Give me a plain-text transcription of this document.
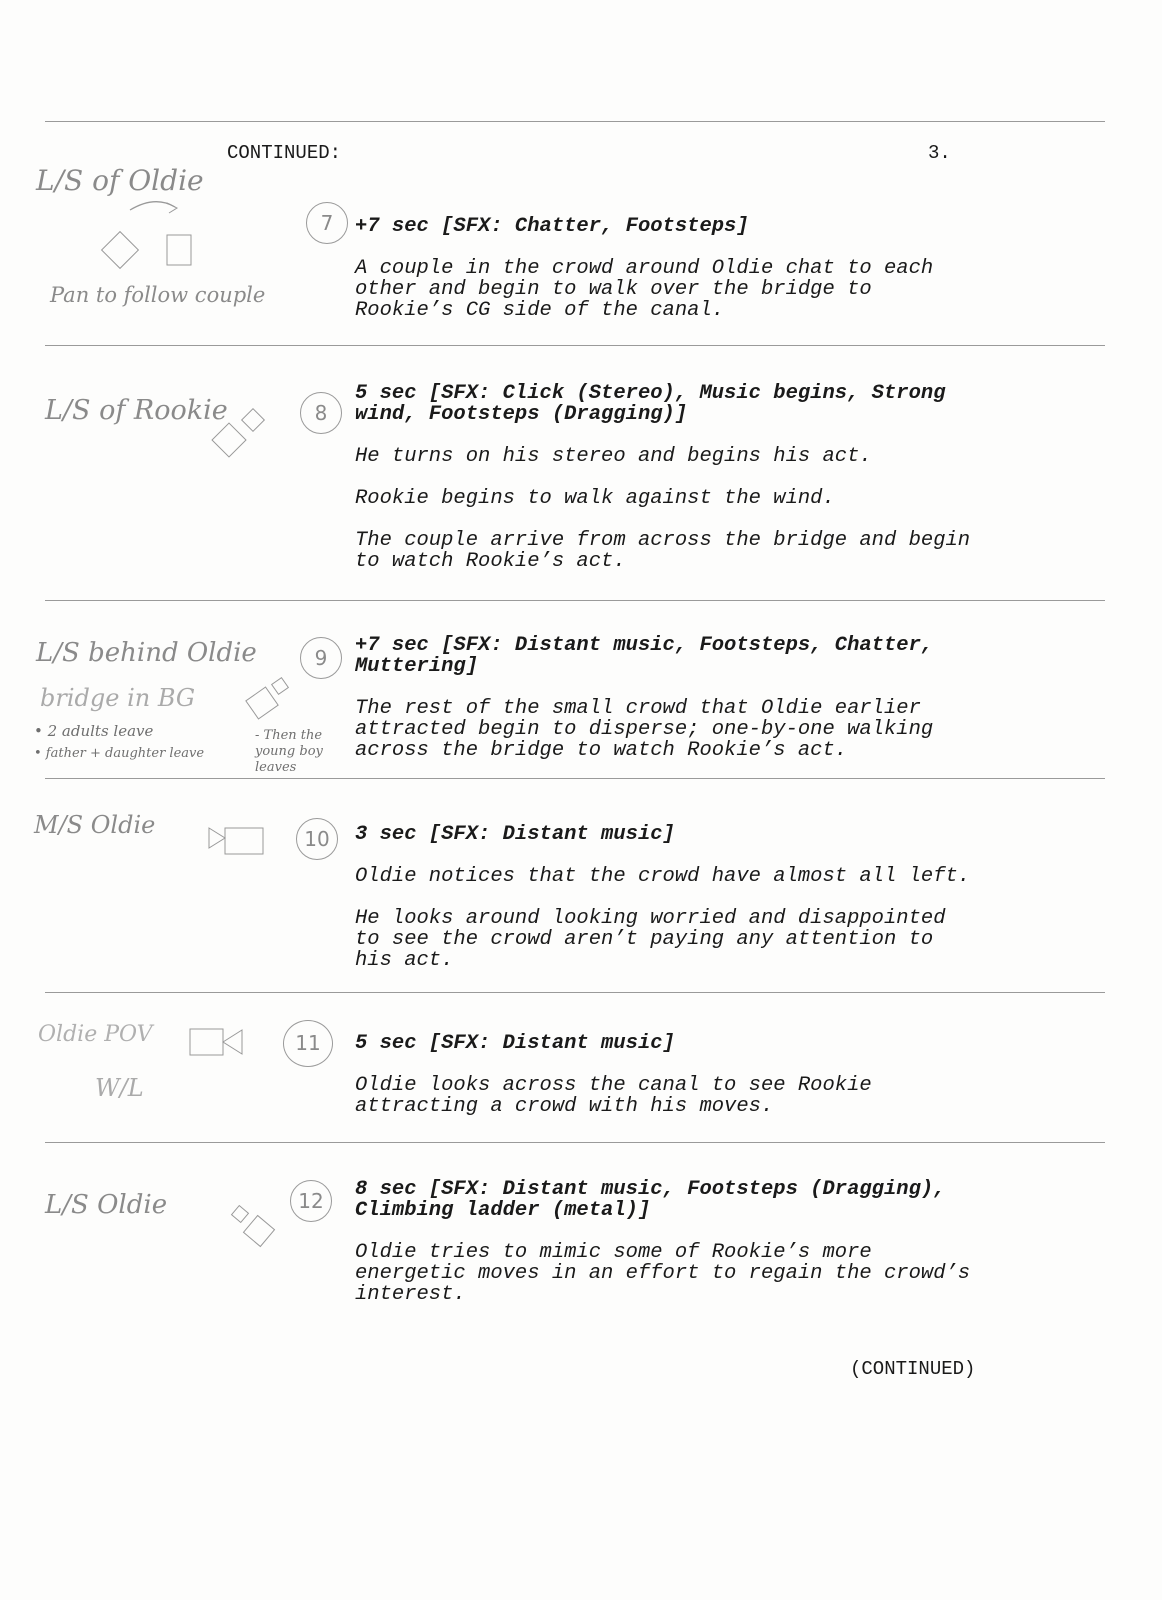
CONTINUED:	3.
L/S of Oldie
Pan to follow couple
7	+7 sec [SFX: Chatter, Footsteps]

A couple in the crowd around Oldie chat to each
other and begin to walk over the bridge to
Rookie’s CG side of the canal.

L/S of Rookie	8

5 sec [SFX: Click (Stereo), Music begins, Strong
wind, Footsteps (Dragging)]

He turns on his stereo and begins his act.

Rookie begins to walk against the wind.

The couple arrive from across the bridge and begin
to watch Rookie’s act.

L/S behind Oldie
bridge in BG
• 2 adults leave
• father + daughter leave
- Then the young boy leaves
9

+7 sec [SFX: Distant music, Footsteps, Chatter,
Muttering]

The rest of the small crowd that Oldie earlier
attracted begin to disperse; one-by-one walking
across the bridge to watch Rookie’s act.

M/S Oldie	10	3 sec [SFX: Distant music]

Oldie notices that the crowd have almost all left.

He looks around looking worried and disappointed
to see the crowd aren’t paying any attention to
his act.

Oldie POV
W/L
11	5 sec [SFX: Distant music]

Oldie looks across the canal to see Rookie
attracting a crowd with his moves.

L/S Oldie	12	8 sec [SFX: Distant music, Footsteps (Dragging),
Climbing ladder (metal)]

Oldie tries to mimic some of Rookie’s more
energetic moves in an effort to regain the crowd’s
interest.

(CONTINUED)
